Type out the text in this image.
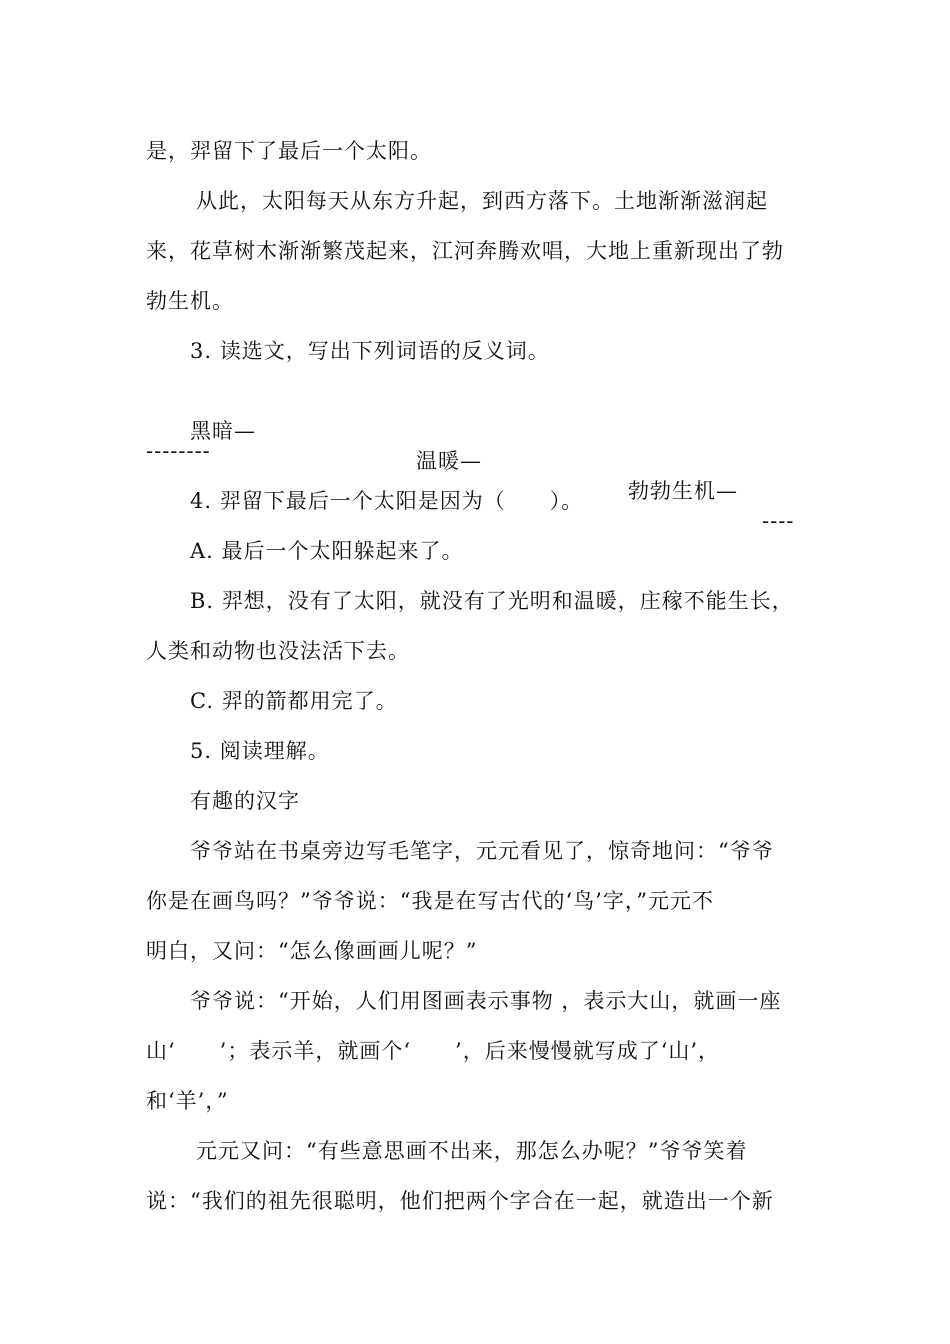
是，羿留下了最后一个太阳。
从此，太阳每天从东方升起，到西方落下。土地渐渐滋润起
来，花草树木渐渐繁茂起来，江河奔腾欢唱，大地上重新现出了勃
勃生机。
3. 读选文，写出下列词语的反义词。

黑暗—

温暖—

勃勃生机—

----

--------
4. 羿留下最后一个太阳是因为（　　）。
A. 最后一个太阳躲起来了。
B. 羿想，没有了太阳，就没有了光明和温暖，庄稼不能生长，
人类和动物也没法活下去。
C. 羿的箭都用完了。
5. 阅读理解。
有趣的汉字
爷爷站在书桌旁边写毛笔字，元元看见了，惊奇地问：“爷爷
你是在画鸟吗？”爷爷说：“我是在写古代的‘鸟’字，”元元不
明白，又问：“怎么像画画儿呢？”
爷爷说：“开始，人们用图画表示事物 ，表示大山，就画一座
山‘　　’；表示羊，就画个‘　　’，后来慢慢就写成了‘山’，
和‘羊’，”
元元又问：“有些意思画不出来，那怎么办呢？”爷爷笑着
说：“我们的祖先很聪明，他们把两个字合在一起，就造出一个新
